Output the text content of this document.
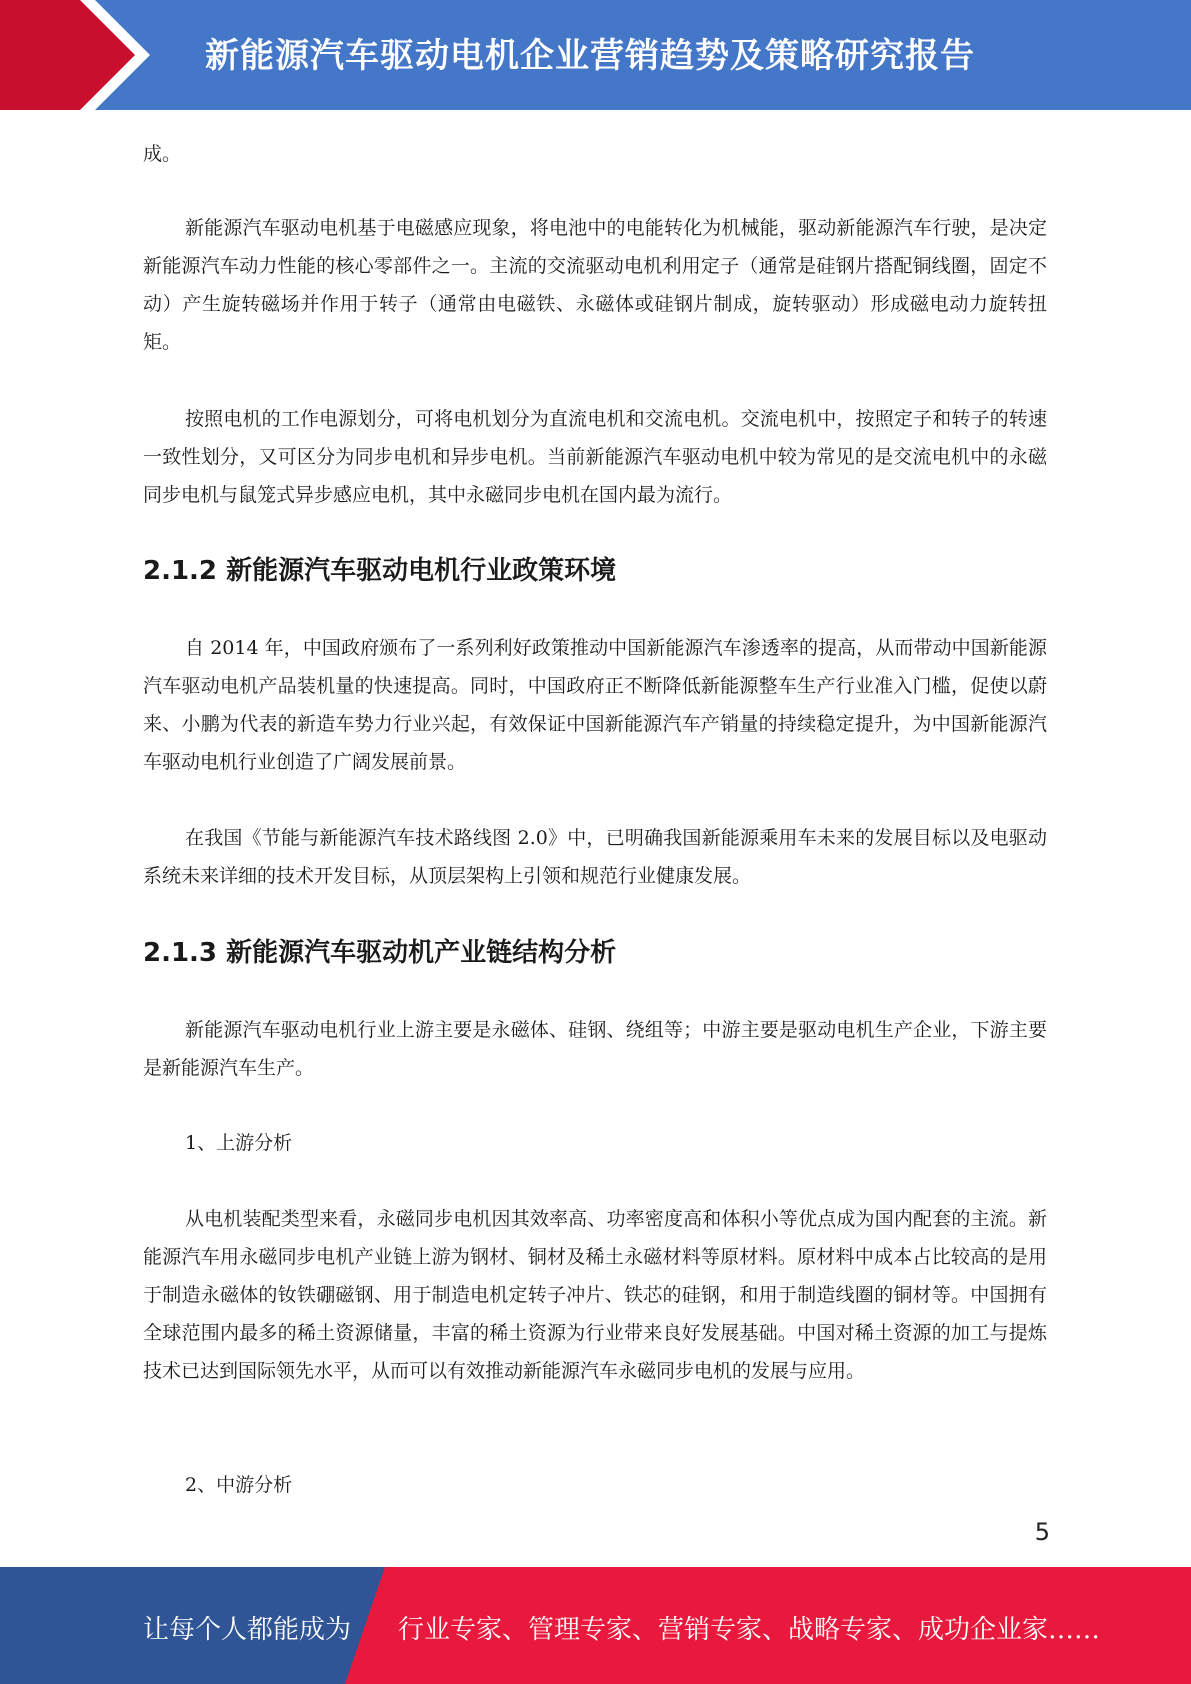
新能源汽车驱动电机企业营销趋势及策略研究报告

成。

新能源汽车驱动电机基于电磁感应现象，将电池中的电能转化为机械能，驱动新能源汽车行驶，是决定新能源汽车动力性能的核心零部件之一。主流的交流驱动电机利用定子（通常是硅钢片搭配铜线圈，固定不动）产生旋转磁场并作用于转子（通常由电磁铁、永磁体或硅钢片制成，旋转驱动）形成磁电动力旋转扭矩。

按照电机的工作电源划分，可将电机划分为直流电机和交流电机。交流电机中，按照定子和转子的转速一致性划分，又可区分为同步电机和异步电机。当前新能源汽车驱动电机中较为常见的是交流电机中的永磁同步电机与鼠笼式异步感应电机，其中永磁同步电机在国内最为流行。

2.1.2 新能源汽车驱动电机行业政策环境

自 2014 年，中国政府颁布了一系列利好政策推动中国新能源汽车渗透率的提高，从而带动中国新能源汽车驱动电机产品装机量的快速提高。同时，中国政府正不断降低新能源整车生产行业准入门槛，促使以蔚来、小鹏为代表的新造车势力行业兴起，有效保证中国新能源汽车产销量的持续稳定提升，为中国新能源汽车驱动电机行业创造了广阔发展前景。

在我国《节能与新能源汽车技术路线图 2.0》中，已明确我国新能源乘用车未来的发展目标以及电驱动系统未来详细的技术开发目标，从顶层架构上引领和规范行业健康发展。

2.1.3 新能源汽车驱动机产业链结构分析

新能源汽车驱动电机行业上游主要是永磁体、硅钢、绕组等；中游主要是驱动电机生产企业，下游主要是新能源汽车生产。

1、上游分析

从电机装配类型来看，永磁同步电机因其效率高、功率密度高和体积小等优点成为国内配套的主流。新能源汽车用永磁同步电机产业链上游为钢材、铜材及稀土永磁材料等原材料。原材料中成本占比较高的是用于制造永磁体的钕铁硼磁钢、用于制造电机定转子冲片、铁芯的硅钢，和用于制造线圈的铜材等。中国拥有全球范围内最多的稀土资源储量，丰富的稀土资源为行业带来良好发展基础。中国对稀土资源的加工与提炼技术已达到国际领先水平，从而可以有效推动新能源汽车永磁同步电机的发展与应用。

2、中游分析

5
让每个人都能成为 行业专家、管理专家、营销专家、战略专家、成功企业家……
